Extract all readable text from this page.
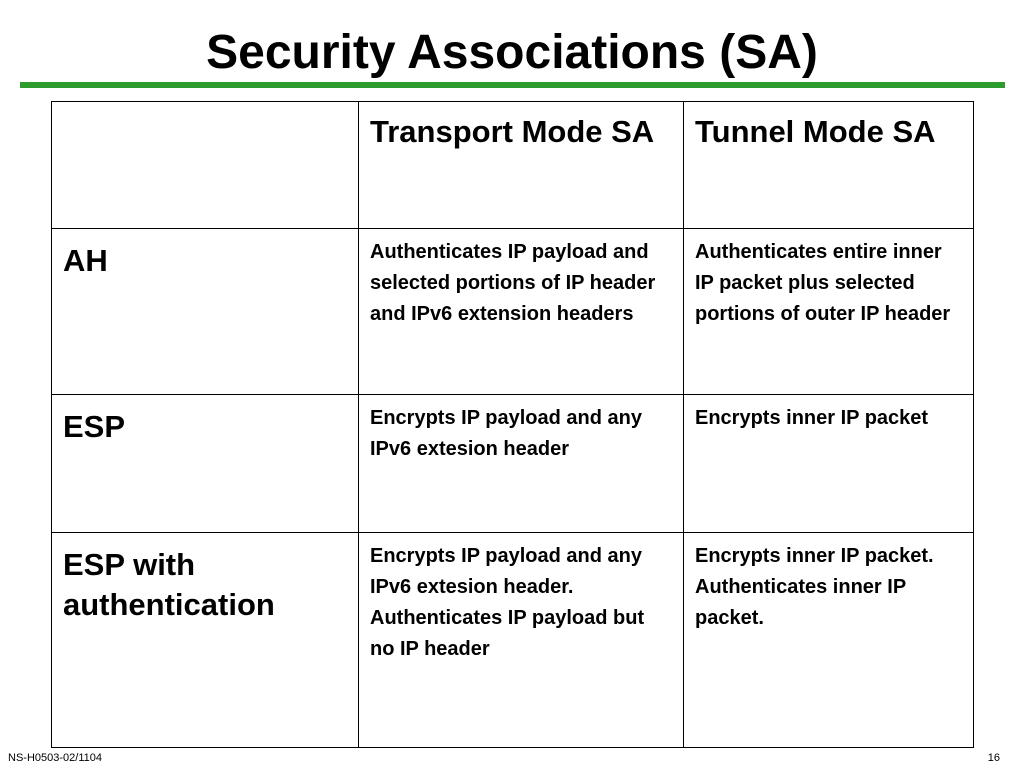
Security Associations (SA)
	Transport Mode SA	Tunnel Mode SA
AH	Authenticates IP payload and selected portions of IP header and IPv6 extension headers	Authenticates entire inner IP packet plus selected portions of outer IP header
ESP	Encrypts IP payload and any IPv6 extesion header	Encrypts inner IP packet
ESP with authentication	Encrypts IP payload and any IPv6 extesion header. Authenticates IP payload but no IP header	Encrypts inner IP packet. Authenticates inner IP packet.
NS-H0503-02/1104	16
